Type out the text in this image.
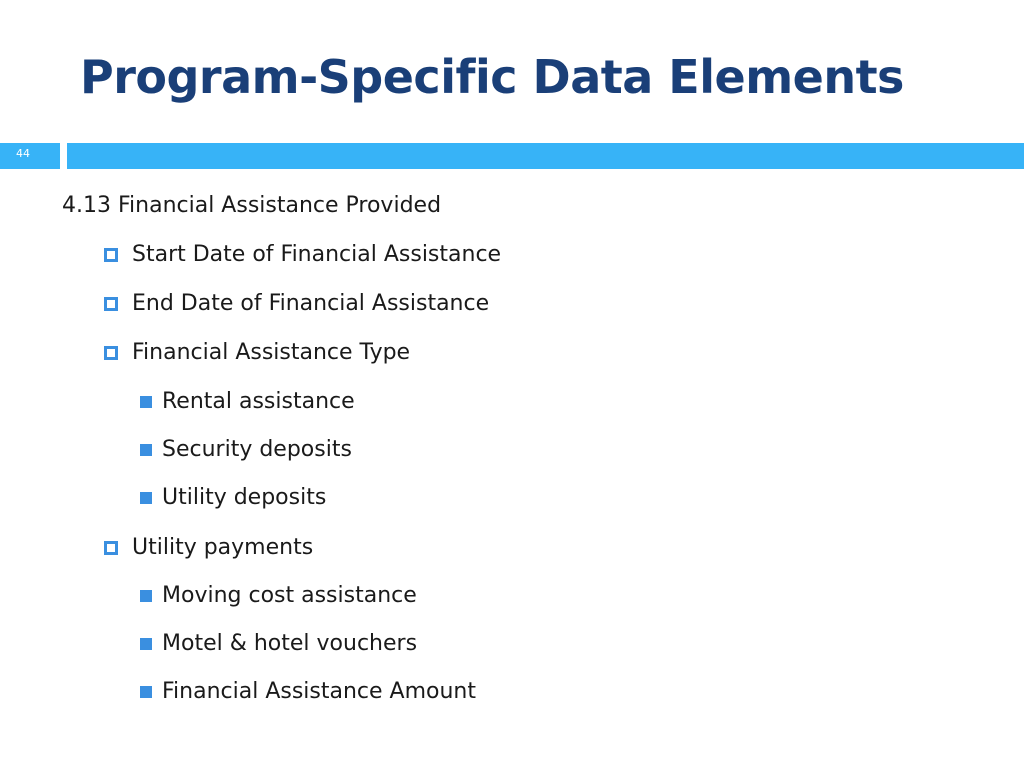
Program-Specific Data Elements
44
4.13 Financial Assistance Provided
Start Date of Financial Assistance
End Date of Financial Assistance
Financial Assistance Type
Rental assistance
Security deposits
Utility deposits
Utility payments
Moving cost assistance
Motel & hotel vouchers
Financial Assistance Amount
